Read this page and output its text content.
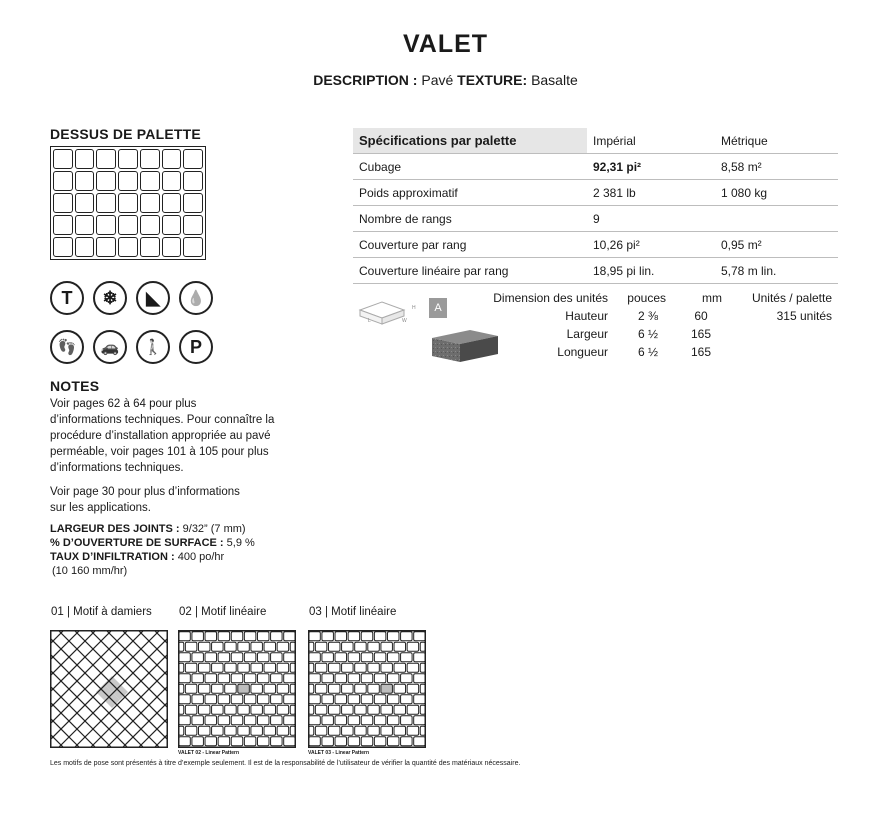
VALET
DESCRIPTION : Pavé TEXTURE: Basalte
DESSUS DE PALETTE
T	❄	◣	💧
👣	🚗	🚶	P
NOTES
Voir pages 62 à 64 pour plus
d’informations techniques. Pour connaître la
procédure d’installation appropriée au pavé
perméable, voir pages 101 à 105 pour plus
d’informations techniques.
Voir page 30 pour plus d’informations
sur les applications.
LARGEUR DES JOINTS : 9/32” (7 mm)
% D’OUVERTURE DE SURFACE : 5,9 %
TAUX D’INFILTRATION : 400 po/hr
(10 160 mm/hr)
Spécifications par palette	Impérial	Métrique
Cubage	92,31 pi²	8,58 m²
Poids approximatif	2 381 lb	1 080 kg
Nombre de rangs	9	
Couverture par rang	10,26 pi²	0,95 m²
Couverture linéaire par rang	18,95 pi lin.	5,78 m lin.
H
L	W
A
Dimension des unités	pouces	mm	Unités / palette
Hauteur	2 ⅜	60	315 unités
Largeur	6 ½	165
Longueur	6 ½	165
01 | Motif à damiers 02 | Motif linéaire	03 | Motif linéaire
VALET 02 - Linear Pattern	VALET 03 - Linear Pattern
Les motifs de pose sont présentés à titre d’exemple seulement. Il est de la responsabilité de l’utilisateur de vérifier la quantité des matériaux nécessaire.
